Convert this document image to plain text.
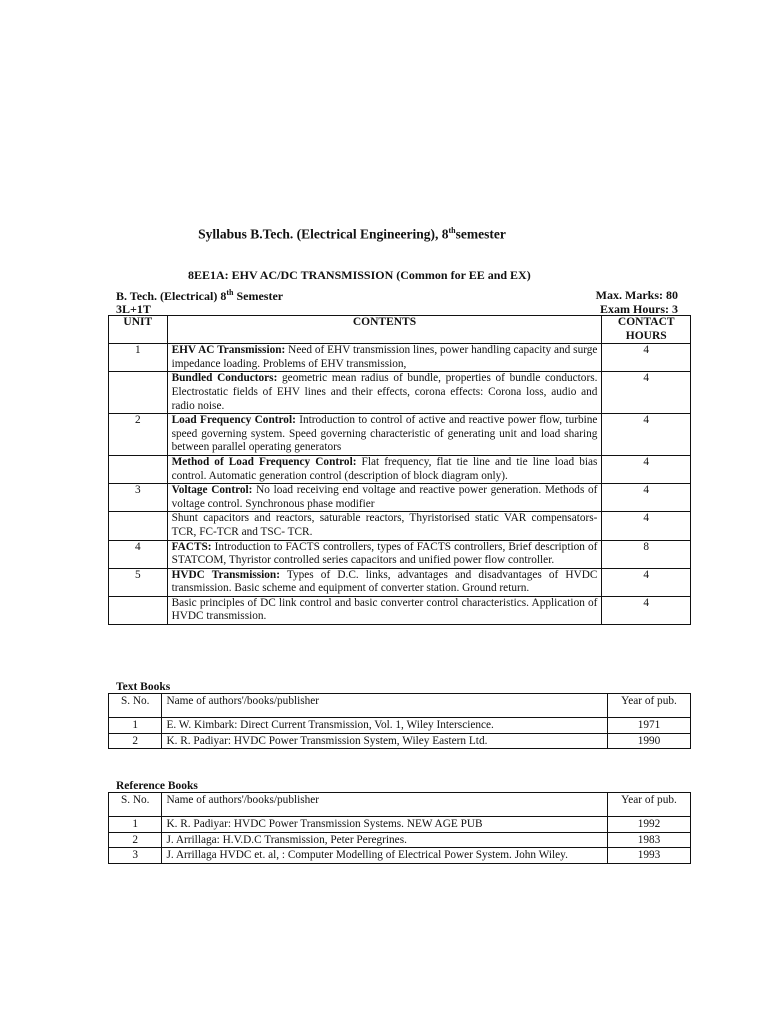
Syllabus B.Tech. (Electrical Engineering), 8thsemester
8EE1A: EHV AC/DC TRANSMISSION (Common for EE and EX)
B. Tech. (Electrical) 8th Semester	Max. Marks: 80
3L+1T	Exam Hours: 3
UNIT	CONTENTS	CONTACT HOURS
1	EHV AC Transmission: Need of EHV transmission lines, power handling capacity and surge impedance loading. Problems of EHV transmission,	4
	Bundled Conductors: geometric mean radius of bundle, properties of bundle conductors. Electrostatic fields of EHV lines and their effects, corona effects: Corona loss, audio and radio noise.	4
2	Load Frequency Control: Introduction to control of active and reactive power flow, turbine speed governing system. Speed governing characteristic of generating unit and load sharing between parallel operating generators	4
	Method of Load Frequency Control: Flat frequency, flat tie line and tie line load bias control. Automatic generation control (description of block diagram only).	4
3	Voltage Control: No load receiving end voltage and reactive power generation. Methods of voltage control. Synchronous phase modifier	4
	Shunt capacitors and reactors, saturable reactors, Thyristorised static VAR compensators- TCR, FC-TCR and TSC- TCR.	4
4	FACTS: Introduction to FACTS controllers, types of FACTS controllers, Brief description of STATCOM, Thyristor controlled series capacitors and unified power flow controller.	8
5	HVDC Transmission: Types of D.C. links, advantages and disadvantages of HVDC transmission. Basic scheme and equipment of converter station. Ground return.	4
	Basic principles of DC link control and basic converter control characteristics. Application of HVDC transmission.	4
Text Books
S. No.	Name of authors'/books/publisher	Year of pub.
1	E. W. Kimbark: Direct Current Transmission, Vol. 1, Wiley Interscience.	1971
2	K. R. Padiyar: HVDC Power Transmission System, Wiley Eastern Ltd.	1990
Reference Books
S. No.	Name of authors'/books/publisher	Year of pub.
1	K. R. Padiyar: HVDC Power Transmission Systems. NEW AGE PUB	1992
2	J. Arrillaga: H.V.D.C Transmission, Peter Peregrines.	1983
3	J. Arrillaga HVDC et. al, : Computer Modelling of Electrical Power System. John Wiley.	1993
